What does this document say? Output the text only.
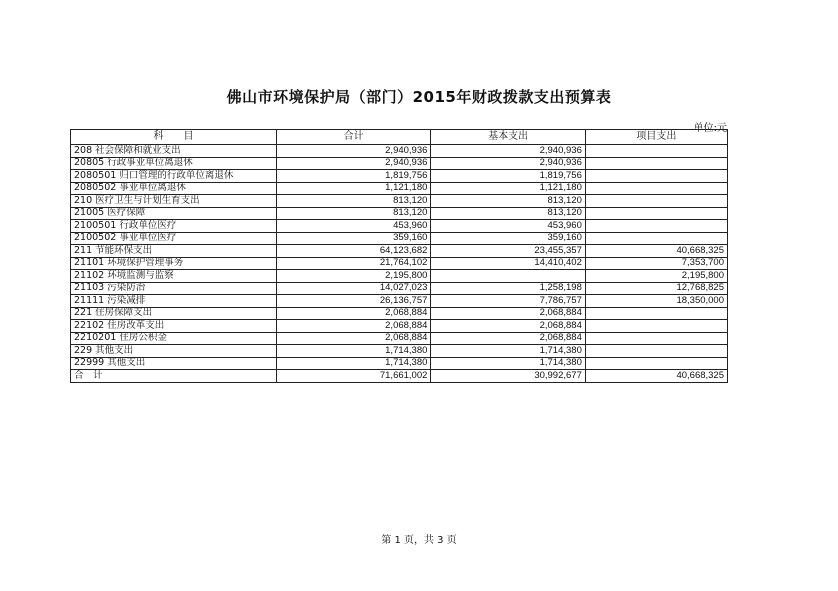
佛山市环境保护局（部门）2015年财政拨款支出预算表
单位:元
科　　目	合计	基本支出	项目支出
208 社会保障和就业支出	2,940,936	2,940,936	
20805 行政事业单位离退休	2,940,936	2,940,936	
2080501 归口管理的行政单位离退休	1,819,756	1,819,756	
2080502 事业单位离退休	1,121,180	1,121,180	
210 医疗卫生与计划生育支出	813,120	813,120	
21005 医疗保障	813,120	813,120	
2100501 行政单位医疗	453,960	453,960	
2100502 事业单位医疗	359,160	359,160	
211 节能环保支出	64,123,682	23,455,357	40,668,325
21101 环境保护管理事务	21,764,102	14,410,402	7,353,700
21102 环境监测与监察	2,195,800		2,195,800
21103 污染防治	14,027,023	1,258,198	12,768,825
21111 污染减排	26,136,757	7,786,757	18,350,000
221 住房保障支出	2,068,884	2,068,884	
22102 住房改革支出	2,068,884	2,068,884	
2210201 住房公积金	2,068,884	2,068,884	
229 其他支出	1,714,380	1,714,380	
22999 其他支出	1,714,380	1,714,380	
合　计	71,661,002	30,992,677	40,668,325
第 1 页，共 3 页
